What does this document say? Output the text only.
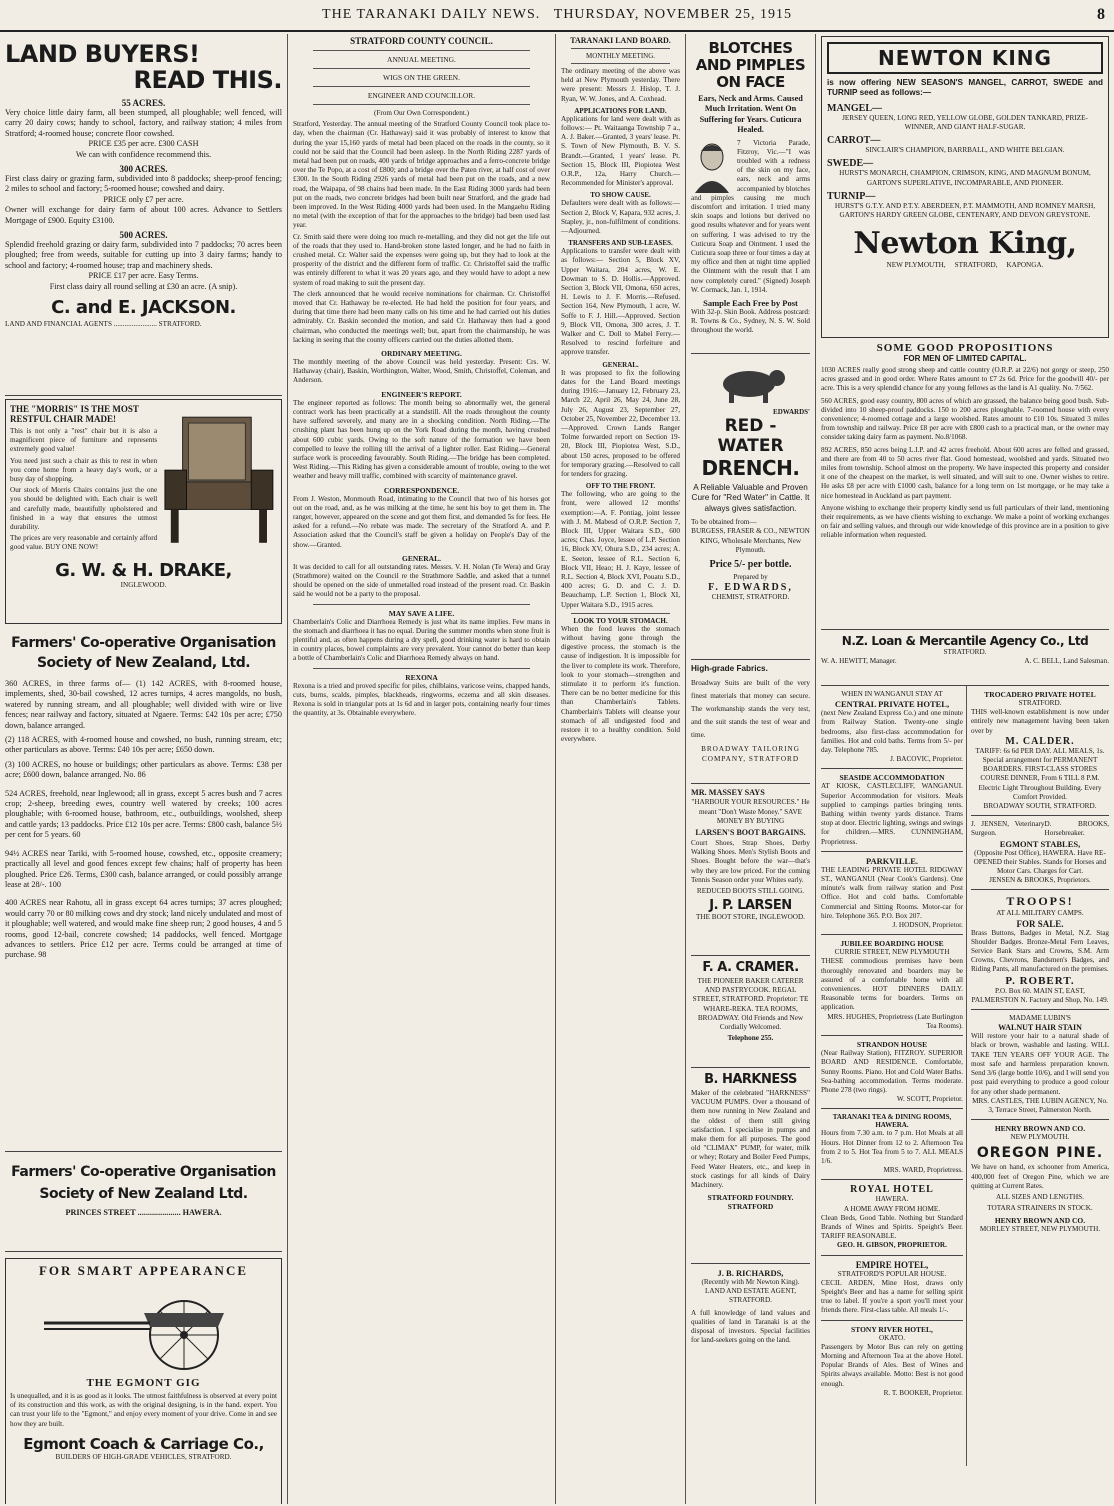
THE TARANAKI DAILY NEWS. THURSDAY, NOVEMBER 25, 1915	8
LAND BUYERS!
READ THIS.
55 ACRES.
Very choice little dairy farm, all been stumped, all ploughable; well fenced, will carry 20 dairy cows; handy to school, factory, and railway station; 4 miles from Stratford; 4-roomed house; concrete floor cowshed.
PRICE £35 per acre. £300 CASH
We can with confidence recommend this.
300 ACRES.
First class dairy or grazing farm, subdivided into 8 paddocks; sheep-proof fencing; 2 miles to school and factory; 5-roomed house; cowshed and dairy.
PRICE only £7 per acre.
Owner will exchange for dairy farm of about 100 acres. Advance to Settlers Mortgage of £900. Equity £3100.
500 ACRES.
Splendid freehold grazing or dairy farm, subdivided into 7 paddocks; 70 acres been ploughed; free from weeds, suitable for cutting up into 3 dairy farms; handy to school and factory; 4-roomed house; trap and machinery sheds.
PRICE £17 per acre. Easy Terms.
First class dairy all round selling at £30 an acre. (A snip).
C. and E. JACKSON.
LAND AND FINANCIAL AGENTS ........................ STRATFORD.
THE "MORRIS" IS THE MOST RESTFUL CHAIR MADE!
This is not only a "rest" chair but it is also a magnificent piece of furniture and represents extremely good value!
You need just such a chair as this to rest in when you come home from a heavy day's work, or a busy day of shopping.
Our stock of Morris Chairs contains just the one you should be delighted with. Each chair is well and carefully made, beautifully upholstered and finished in a way that ensures the utmost durability.
The prices are very reasonable and certainly afford good value. BUY ONE NOW!
G. W. & H. DRAKE,
INGLEWOOD.
Farmers' Co-operative Organisation
Society of New Zealand, Ltd.
360 ACRES, in three farms of— (1) 142 ACRES, with 8-roomed house, implements, shed, 30-bail cowshed, 12 acres turnips, 4 acres mangolds, no bush, watered by running stream, and all ploughable; well divided with wire or live fences; near railway and factory, situated at Ngaere. Terms: £42 10s per acre; £750 down, balance arranged.
(2) 118 ACRES, with 4-roomed house and cowshed, no bush, running stream, etc; other particulars as above. Terms: £40 10s per acre; £650 down.
(3) 100 ACRES, no house or buildings; other particulars as above. Terms: £38 per acre; £600 down, balance arranged. No. 86
524 ACRES, freehold, near Inglewood; all in grass, except 5 acres bush and 7 acres crop; 2-sheep, breeding ewes, country well watered by creeks; 100 acres ploughable; with 6-roomed house, bathroom, etc., outbuildings, woolshed, sheep and cattle yards; 13 paddocks. Price £12 10s per acre. Terms: £800 cash, balance 5½ per cent for 5 years. 60
94½ ACRES near Tariki, with 5-roomed house, cowshed, etc., opposite creamery; practically all level and good fences except few chains; half of property has been ploughed. Price £26. Terms, £300 cash, balance arranged, or could possibly arrange lease at 28/-. 100
400 ACRES near Rahotu, all in grass except 64 acres turnips; 37 acres ploughed; would carry 70 or 80 milking cows and dry stock; land nicely undulated and most of it ploughable; well watered, and would make fine sheep run; 2 good houses, 4 and 5 rooms, good 12-bail, concrete cowshed; 14 paddocks, well fenced. Mortgage advances to settlers. Price £12 per acre. Terms could be arranged at time of purchase. 98
Farmers' Co-operative Organisation
Society of New Zealand Ltd.
PRINCES STREET ..................... HAWERA.
FOR SMART APPEARANCE
THE EGMONT GIG
Is unequalled, and it is as good as it looks. The utmost faithfulness is observed at every point of its construction and this work, as with the original designing, is in the hand. expert. You can trust your life to the "Egmont," and enjoy every moment of your drive. Come in and see how they are built.
Egmont Coach & Carriage Co.,
BUILDERS OF HIGH-GRADE VEHICLES, STRATFORD.
STRATFORD COUNTY COUNCIL.
ANNUAL MEETING.
WIGS ON THE GREEN.
ENGINEER AND COUNCILLOR.
(From Our Own Correspondent.)
Stratford, Yesterday. The annual meeting of the Stratford County Council took place to-day, when the chairman (Cr. Hathaway) said it was probably of interest to know that during the year 15,160 yards of metal had been placed on the roads in the county, so it could not be said that the Council had been asleep. In the North Riding 2287 yards of metal had been put on roads, 400 yards of bridge approaches and a ferro-concrete bridge over the Te Popo, at a cost of £800; and a bridge over the Paten river, at half cost of over £300. In the South Riding 2926 yards of metal had been put on the roads, and a new road, the Waipapa, of 98 chains had been made. In the East Riding 3000 yards had been put on the roads, two concrete bridges had been built near Stratford, and the grade had been improved. In the West Riding 4000 yards had been used. In the Mangaehu Riding no metal (with the exception of that for the approaches to the bridge) had been used last year.
Cr. Smith said there were doing too much re-metalling, and they did not get the life out of the roads that they used to. Hand-broken stone lasted longer, and he had no faith in crushed metal. Cr. Walter said the expenses were going up, but they had to look at the prosperity of the district and the different form of traffic. Cr. Christoffel said the traffic was entirely different to what it was 20 years ago, and they would have to adopt a new system of road making to suit the present day.
The clerk announced that he would receive nominations for chairman. Cr. Christoffel moved that Cr. Hathaway be re-elected. He had held the position for four years, and during that time there had been many calls on his time and he had carried out his duties admirably. Cr. Baskin seconded the motion, and said Cr. Hathaway then had a good chairman, who conducted the meetings well; but, apart from the chairmanship, he was lacking in seeing that the county officers carried out the duties allotted them.
ORDINARY MEETING.
The monthly meeting of the above Council was held yesterday. Present: Crs. W. Hathaway (chair), Baskin, Worthington, Walter, Wood, Smith, Christoffel, Coleman, and Anderson.
ENGINEER'S REPORT.
The engineer reported as follows: The month being so abnormally wet, the general contract work has been practically at a standstill. All the roads throughout the county have suffered severely, and many are in a shocking condition. North Riding.—The crushing plant has been hung up on the York Road during the month, having crushed about 600 cubic yards. Owing to the soft nature of the formation we have been compelled to leave the rolling till the arrival of a lighter roller. East Riding.—General surface work is proceeding favourably. South Riding.—The bridge has been completed. West Riding.—This Riding has given a considerable amount of trouble, owing to the wet weather and heavy mill traffic, combined with scarcity of maintenance gravel.
CORRESPONDENCE.
From J. Weston, Monmouth Road, intimating to the Council that two of his horses got out on the road, and, as he was milking at the time, he sent his boy to get them in. The ranger, however, appeared on the scene and got them first, and demanded 5s for fees. He asked for a refund.—No rebate was made. The secretary of the Stratford A. and P. Association asked that the Council's staff be given a holiday on People's Day of the show.—Granted.
GENERAL.
It was decided to call for all outstanding rates. Messrs. V. H. Nolan (Te Wera) and Gray (Strathmore) waited on the Council re the Strathmore Saddle, and asked that a tunnel should be opened on the side of unmetalled road instead of the present road. Cr. Baskin said he would not be a party to the proposal.
MAY SAVE A LIFE.
Chamberlain's Colic and Diarrhoea Remedy is just what its name implies. Few mans in the stomach and diarrhoea it has no equal. During the summer months when stone fruit is plentiful and, as often happens during a dry spell, good drinking water is hard to obtain in country places, bowel complaints are very prevalent. Your cannot do better than keep a bottle of Chamberlain's Colic and Diarrhoea Remedy always on hand.
REXONA
Rexona is a tried and proved specific for piles, chilblains, varicose veins, chapped hands, cuts, burns, scalds, pimples, blackheads, ringworms, eczema and all skin diseases. Rexona is sold in triangular pots at 1s 6d and in larger pots, containing nearly four times the quantity, at 3s. Obtainable everywhere.
TARANAKI LAND BOARD.
MONTHLY MEETING.
The ordinary meeting of the above was held at New Plymouth yesterday. There were present: Messrs J. Hislop, T. J. Ryan, W. W. Jones, and A. Coxhead.
APPLICATIONS FOR LAND.
Applications for land were dealt with as follows:— Pt. Waitaanga Township 7 a., A. J. Baker.—Granted, 3 years' lease. Pt. S. Town of New Plymouth, B. V. S. Brandt.—Granted, 1 years' lease. Pt. Section 15, Block III, Piopiotea West O.R.P., 12a, Harry Church.—Recommended for Minister's approval.
TO SHOW CAUSE.
Defaulters were dealt with as follows:—Section 2, Block V, Kapara, 932 acres, J. Stapley, jr., non-fulfilment of conditions.—Adjourned.
TRANSFERS AND SUB-LEASES.
Applications to transfer were dealt with as follows:— Section 5, Block XV, Upper Waitara, 204 acres, W. E. Dowman to S. D. Hollis.—Approved. Section 3, Block VII, Omona, 650 acres, H. Lewis to J. F. Morris.—Refused. Section 164, New Plymouth, 1 acre, W. Soffe to F. J. Hill.—Approved. Section 9, Block VII, Omona, 300 acres, J. T. Walker and C. Doll to Mabel Ferry.—Resolved to rescind forfeiture and approve transfer.
GENERAL.
It was proposed to fix the following dates for the Land Board meetings during 1916:—January 12, February 23, March 22, April 26, May 24, June 28, July 26, August 23, September 27, October 25, November 22, December 13.—Approved. Crown Lands Ranger Tolme forwarded report on Section 19-20, Block III, Piopiotea West, S.D., about 150 acres, proposed to be offered for temporary grazing.—Resolved to call for tenders for grazing.
OFF TO THE FRONT.
The following, who are going to the front, were allowed 12 months' exemption:—A. F. Pontiag, joint lessee with J. M. Mabesd of O.R.P. Section 7, Block III, Upper Waitara S.D., 600 acres; Chas. Joyce, lessee of L.P. Section 16, Block XV, Ohura S.D., 234 acres; A. E. Seeton, lessee of R.L. Section 6, Block VII, Heao; H. J. Kaye, lessee of R.L. Section 4, Block XVI, Pouatu S.D., 400 acres; G. D. and C. J. D. Beauchamp, L.P. Section 1, Block XI, Upper Waitara S.D., 1915 acres.
LOOK TO YOUR STOMACH.
When the food leaves the stomach without having gone through the digestive process, the stomach is the cause of indigestion. It is impossible for the liver to complete its work. Therefore, look to your stomach—strengthen and stimulate it to perform it's function. There can be no better medicine for this than Chamberlain's Tablets. Chamberlain's Tablets will cleanse your stomach of all undigested food and restore it to a healthy condition. Sold everywhere.
BLOTCHES AND PIMPLES ON FACE
Ears, Neck and Arms. Caused Much Irritation. Went On Suffering for Years. Cuticura Healed.
7 Victoria Parade, Fitzroy, Vic.—"I was troubled with a redness of the skin on my face, ears, neck and arms accompanied by blotches and pimples causing me much discomfort and irritation. I tried many skin soaps and lotions but derived no good results whatever and for years went on suffering. I was advised to try the Cuticura Soap and Ointment. I used the Cuticura soap three or four times a day at my office and then at night time applied the Ointment with the result that I am now completely cured." (Signed) Joseph W. Cormack, Jan. 1, 1914.
Sample Each Free by Post
With 32-p. Skin Book. Address postcard: R. Towns & Co., Sydney, N. S. W. Sold throughout the world.
EDWARDS'
RED - WATER
DRENCH.
A Reliable Valuable and Proven Cure for "Red Water" in Cattle. It always gives satisfaction.
To be obtained from—
BURGESS, FRASER & CO., NEWTON KING, Wholesale Merchants, New Plymouth.
Price 5/- per bottle.
Prepared by
F. EDWARDS,
CHEMIST, STRATFORD.
High-grade Fabrics.
Broadway Suits are built of the very finest materials that money can secure. The workmanship stands the very test, and the suit stands the test of wear and time.
BROADWAY TAILORING COMPANY, STRATFORD
MR. MASSEY SAYS
"HARBOUR YOUR RESOURCES." He meant "Don't Waste Money." SAVE MONEY BY BUYING
LARSEN'S BOOT BARGAINS.
Court Shoes, Strap Shoes, Derby Walking Shoes. Men's Stylish Boots and Shoes. Bought before the war—that's why they are low priced. For the coming Tennis Season order your Whites early.
REDUCED BOOTS STILL GOING.
J. P. LARSEN
THE BOOT STORE, INGLEWOOD.
F. A. CRAMER.
THE PIONEER BAKER CATERER AND PASTRYCOOK. REGAL STREET, STRATFORD. Proprietor: TE WHARE-REKA. TEA ROOMS, BROADWAY. Old Friends and New Cordially Welcomed.
Telephone 255.
B. HARKNESS
Maker of the celebrated "HARKNESS" VACUUM PUMPS. Over a thousand of them now running in New Zealand and the oldest of them still giving satisfaction. I specialise in pumps and make them for all purposes. The good old "CLIMAX" PUMP, for water, milk or whey; Rotary and Boiler Feed Pumps, Feed Water Heaters, etc., and keep in stock castings for all kinds of Dairy Machinery.
STRATFORD FOUNDRY. STRATFORD
J. B. RICHARDS,
(Recently with Mr Newton King). LAND AND ESTATE AGENT, STRATFORD.
A full knowledge of land values and qualities of land in Taranaki is at the disposal of investors. Special facilities for land-seekers going on the land.
NEWTON KING
is now offering NEW SEASON'S MANGEL, CARROT, SWEDE and TURNIP seed as follows:—
MANGEL—
JERSEY QUEEN, LONG RED, YELLOW GLOBE, GOLDEN TANKARD, PRIZE-WINNER, AND GIANT HALF-SUGAR.
CARROT—
SINCLAIR'S CHAMPION, BARRBALL, AND WHITE BELGIAN.
SWEDE—
HURST'S MONARCH, CHAMPION, CRIMSON, KING, AND MAGNUM BONUM, GARTON'S SUPERLATIVE, INCOMPARABLE, AND PIONEER.
TURNIP—
HURST'S G.T.Y. AND P.T.Y. ABERDEEN, P.T. MAMMOTH, AND ROMNEY MARSH, GARTON'S HARDY GREEN GLOBE, CENTENARY, AND DEVON GREYSTONE.
Newton King,
NEW PLYMOUTH,     STRATFORD,     KAPONGA.
SOME GOOD PROPOSITIONS
FOR MEN OF LIMITED CAPITAL.
1030 ACRES really good strong sheep and cattle country (O.R.P. at 22/6) not gorgy or steep, 250 acres grassed and in good order. Where Rates amount to £7 2s 6d. Price for the goodwill 40/- per acre. This is a very splendid chance for any young fellows as the land is A1 quality. No. 7/562.
560 ACRES, good easy country, 800 acres of which are grassed, the balance being good bush. Sub-divided into 10 sheep-proof paddocks. 150 to 200 acres ploughable. 7-roomed house with every convenience; 4-roomed cottage and a large woolshed. Rates amount to £10 10s. Situated 3 miles from township and railway. Price £8 per acre with £800 cash to a practical man, or the owner may consider taking dairy farm as payment. No.8/1068.
892 ACRES, 850 acres being L.I.P. and 42 acres freehold. About 600 acres are felled and grassed, and there are from 40 to 50 acres river flat. Good homestead, woolshed and yards. Situated two miles from township. School almost on the property. We have inspected this property and consider it one of the cheapest on the market, is well situated, and will suit to one. Owner wishes to retire. He asks £8 per acre with £1000 cash, balance for a long term on 1st mortgage, or he may take a nice homestead in Auckland as part payment.
Anyone wishing to exchange their property kindly send us full particulars of their land, mentioning their requirements, as we have clients wishing to exchange. We make a point of working exchanges on fair and selling values, and through our wide knowledge of this province are in a position to give reliable information when requested.
N.Z. Loan & Mercantile Agency Co., Ltd
STRATFORD.
W. A. HEWITT, Manager.	A. C. BELL, Land Salesman.
WHEN IN WANGANUI STAY AT
CENTRAL PRIVATE HOTEL,
(next New Zealand Express Co.) and one minute from Railway Station. Twenty-one single bedrooms, also first-class accommodation for families. Hot and cold baths. Terms from 5/- per day. Telephone 785.
J. BACOVIC, Proprietor.
SEASIDE ACCOMMODATION
AT KIOSK, CASTLECLIFF, WANGANUI. Superior Accommodation for visitors. Meals supplied to campings parties bringing tents. Bathing within twenty yards distance. Trams stop at door. Electric lighting, swings and swings for children.—MRS. CUNNINGHAM, Proprietress.
PARKVILLE.
THE LEADING PRIVATE HOTEL RIDGWAY ST., WANGANUI (Near Cook's Gardens). One minute's walk from railway station and Post Office. Hot and cold baths. Comfortable Commercial and Sitting Rooms. Motor-car for hire. Telephone 365. P.O. Box 207.
J. HODSON, Proprietor.
JUBILEE BOARDING HOUSE
CURRIE STREET, NEW PLYMOUTH
THESE commodious premises have been thoroughly renovated and boarders may be assured of a comfortable home with all conveniences. HOT DINNERS DAILY. Reasonable terms for boarders. Terms on application.
MRS. HUGHES, Proprietress (Late Burlington Tea Rooms).
STRANDON HOUSE
(Near Railway Station), FITZROY. SUPERIOR BOARD AND RESIDENCE. Comfortable, Sunny Rooms. Piano. Hot and Cold Water Baths. Sea-bathing accommodation. Terms moderate. Phone 278 (two rings).
W. SCOTT, Proprietor.
TARANAKI TEA & DINING ROOMS, HAWERA.
Hours from 7.30 a.m. to 7 p.m. Hot Meals at all Hours. Hot Dinner from 12 to 2. Afternoon Tea from 2 to 5. Hot Tea from 5 to 7. ALL MEALS 1/6.
MRS. WARD, Proprietress.
ROYAL HOTEL
HAWERA.
A HOME AWAY FROM HOME.
Clean Beds, Good Table. Nothing but Standard Brands of Wines and Spirits. Speight's Beer. TARIFF REASONABLE.
GEO. H. GIBSON, PROPRIETOR.
EMPIRE HOTEL,
STRATFORD'S POPULAR HOUSE.
CECIL ARDEN, Mine Host, draws only Speight's Beer and has a name for selling spirit true to label. If you're a sport you'll meet your friends there. First-class table. All meals 1/-.
STONY RIVER HOTEL,
OKATO.
Passengers by Motor Bus can rely on getting Morning and Afternoon Tea at the above Hotel. Popular Brands of Ales. Best of Wines and Spirits always available. Motto: Best is not good enough.
R. T. BOOKER, Proprietor.
TROCADERO PRIVATE HOTEL
STRATFORD.
THIS well-known establishment is now under entirely new management having been taken over by
M. CALDER.
TARIFF: 6s 6d PER DAY. ALL MEALS, 1s. Special arrangement for PERMANENT BOARDERS. FIRST-CLASS STORES COURSE DINNER, From 6 TILL 8 P.M. Electric Light Throughout Building. Every Comfort Provided.
BROADWAY SOUTH, STRATFORD.
J. JENSEN, Veterinary Surgeon.
D. BROOKS, Horsebreaker.
EGMONT STABLES,
(Opposite Post Office), HAWERA. Have RE-OPENED their Stables. Stands for Horses and Motor Cars. Charges for Cart.
JENSEN & BROOKS, Proprietors.
TROOPS!
AT ALL MILITARY CAMPS.
FOR SALE.
Brass Buttons, Badges in Metal, N.Z. Stag Shoulder Badges. Bronze-Metal Fern Leaves, Service Bank Stars and Crowns, S.M. Arm Crowns, Chevrons, Bandsmen's Badges, and Riding Pants, all manufactured on the premises.
P. ROBERT.
P.O. Box 60. MAIN ST, EAST, PALMERSTON N. Factory and Shop, No. 149.
MADAME LUBIN'S
WALNUT HAIR STAIN
Will restore your hair to a natural shade of black or brown, washable and lasting. WILL TAKE TEN YEARS OFF YOUR AGE. The most safe and harmless preparation known. Send 3/6 (large bottle 10/6), and I will send you post paid everything to produce a good colour for any other shade permanent.
MRS. CASTLES, THE LUBIN AGENCY, No. 3, Terrace Street, Palmerston North.
HENRY BROWN AND CO.
NEW PLYMOUTH.
OREGON PINE.
We have on hand, ex schooner from America, 400,000 feet of Oregon Pine, which we are quitting at Current Rates.
ALL SIZES AND LENGTHS.
TOTARA STRAINERS IN STOCK.
HENRY BROWN AND CO.
MORLEY STREET, NEW PLYMOUTH.
